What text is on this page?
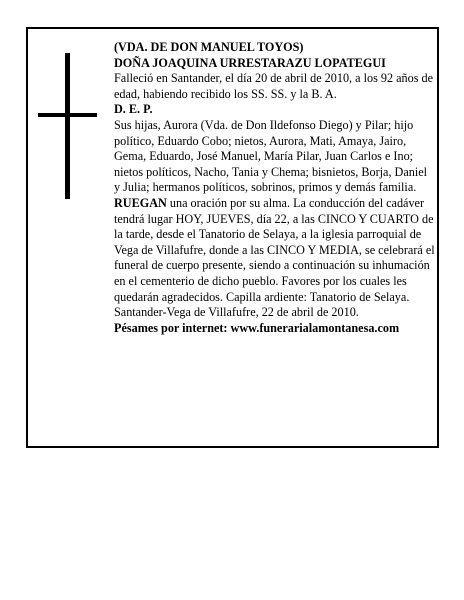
(VDA. DE DON MANUEL TOYOS)

DOÑA JOAQUINA URRESTARAZU LOPATEGUI

Falleció en Santander, el día 20 de abril de 2010, a los 92 años de edad, habiendo recibido los SS. SS. y la B. A.

D. E. P.

Sus hijas, Aurora (Vda. de Don Ildefonso Diego) y Pilar; hijo político, Eduardo Cobo; nietos, Aurora, Mati, Amaya, Jairo, Gema, Eduardo, José Manuel, María Pilar, Juan Carlos e Ino; nietos políticos, Nacho, Tania y Chema; bisnietos, Borja, Daniel y Julia; hermanos políticos, sobrinos, primos y demás familia.

RUEGAN una oración por su alma. La conducción del cadáver tendrá lugar HOY, JUEVES, día 22, a las CINCO Y CUARTO de la tarde, desde el Tanatorio de Selaya, a la iglesia parroquial de Vega de Villafufre, donde a las CINCO Y MEDIA, se celebrará el funeral de cuerpo presente, siendo a continuación su inhumación en el cementerio de dicho pueblo. Favores por los cuales les quedarán agradecidos. Capilla ardiente: Tanatorio de Selaya.

Santander-Vega de Villafufre, 22 de abril de 2010.

Pésames por internet: www.funerarialamontanesa.com
